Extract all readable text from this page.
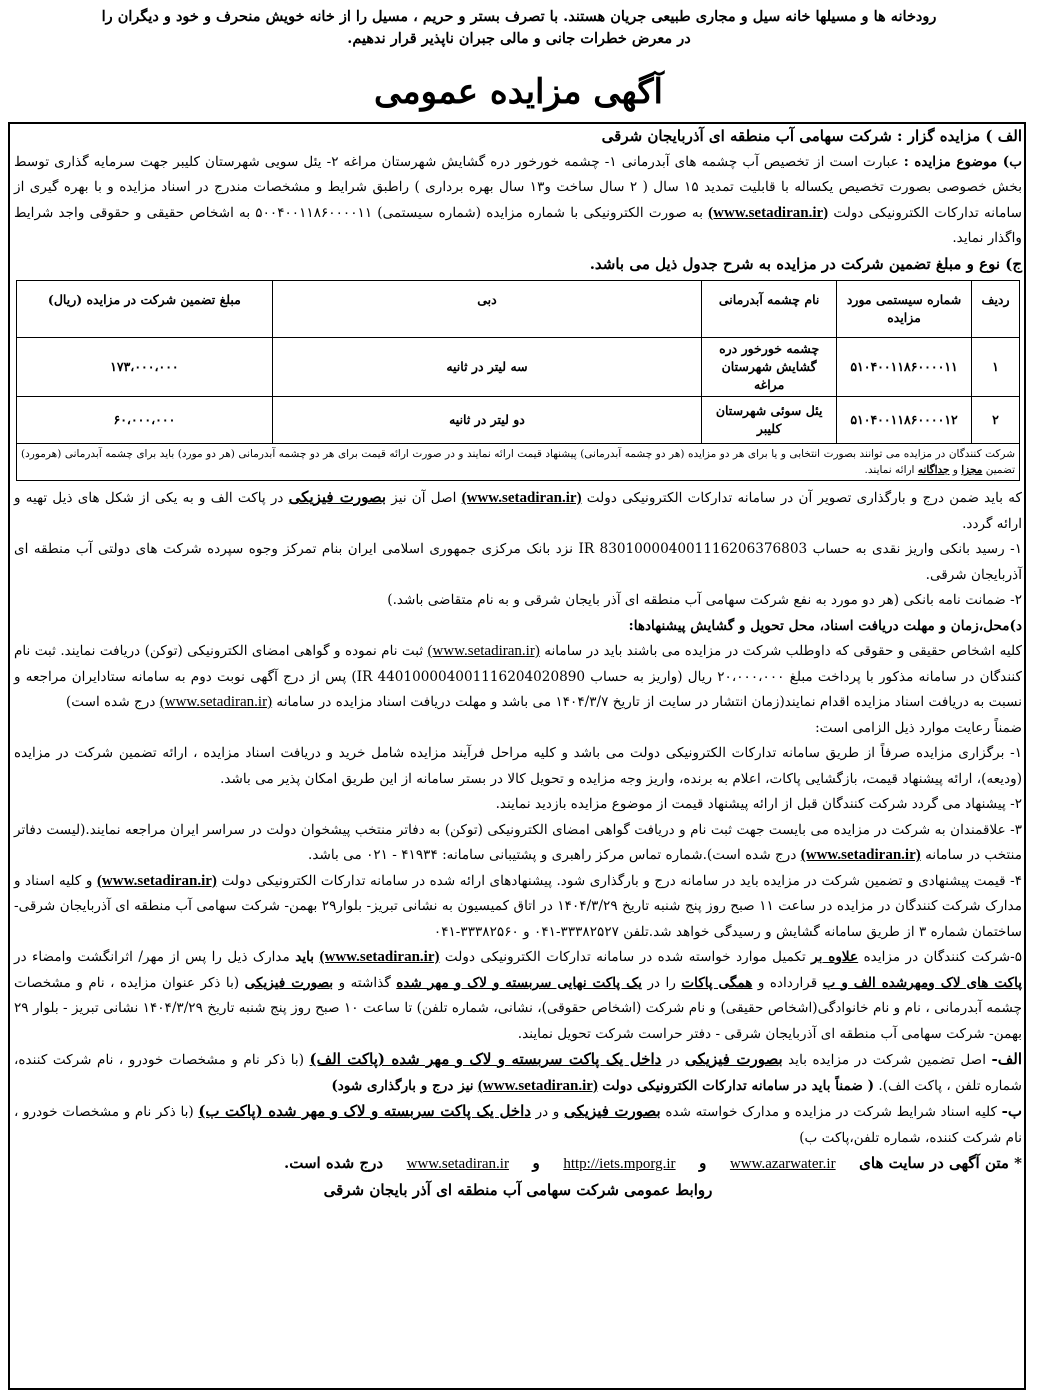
رودخانه ها و مسیلها خانه سیل و مجاری طبیعی جریان هستند. با تصرف بستر و حریم ، مسیل را از خانه خویش منحرف و خود و دیگران را
در معرض خطرات جانی و مالی جبران ناپذیر قرار ندهیم.
آگهی مزایده عمومی

الف ) مزایده گزار : شرکت سهامی آب منطقه ای آذربایجان شرقی

ب) موضوع مزایده : عبارت است از تخصیص آب چشمه های آبدرمانی ۱- چشمه خورخور دره گشایش شهرستان مراغه ۲- یئل سویی شهرستان کلیبر جهت سرمایه گذاری توسط بخش خصوصی بصورت تخصیص یکساله با قابلیت تمدید ۱۵ سال ( ۲ سال ساخت و۱۳ سال بهره برداری ) راطبق شرایط و مشخصات مندرج در اسناد مزایده و با بهره گیری از سامانه تدارکات الکترونیکی دولت (www.setadiran.ir) به صورت الکترونیکی با شماره مزایده (شماره سیستمی) ۵۰۰۴۰۰۱۱۸۶۰۰۰۰۱۱ به اشخاص حقیقی و حقوقی واجد شرایط واگذار نماید.

ج) نوع و مبلغ تضمین شرکت در مزایده به شرح جدول ذیل می باشد.

ردیف	شماره سیستمی مورد مزایده	نام چشمه آبدرمانی	دبی	مبلغ تضمین شرکت در مزایده (ریال)
۱	۵۱۰۴۰۰۱۱۸۶۰۰۰۰۱۱	چشمه خورخور دره گشایش شهرستان مراغه	سه لیتر در ثانیه	۱۷۳،۰۰۰،۰۰۰
۲	۵۱۰۴۰۰۱۱۸۶۰۰۰۰۱۲	یئل سوئی شهرستان کلیبر	دو لیتر در ثانیه	۶۰،۰۰۰،۰۰۰
شرکت کنندگان در مزایده می توانند بصورت انتخابی و یا برای هر دو مزایده (هر دو چشمه آبدرمانی) پیشنهاد قیمت ارائه نمایند و در صورت ارائه قیمت برای هر دو چشمه آبدرمانی (هر دو مورد) باید برای چشمه آبدرمانی (هرمورد) تضمین مجزا و جداگانه ارائه نمایند.				

که باید ضمن درج و بارگذاری تصویر آن در سامانه تدارکات الکترونیکی دولت (www.setadiran.ir) اصل آن نیز بصورت فیزیکی در پاکت الف و به یکی از شکل های ذیل تهیه و ارائه گردد.

۱- رسید بانکی واریز نقدی به حساب IR 830100004001116206376803 نزد بانک مرکزی جمهوری اسلامی ایران بنام تمرکز وجوه سپرده شرکت های دولتی آب منطقه ای آذربایجان شرقی.

۲- ضمانت نامه بانکی (هر دو مورد به نفع شرکت سهامی آب منطقه ای آذر بایجان شرقی و به نام متقاضی باشد.)

د)محل،زمان و مهلت دریافت اسناد، محل تحویل و گشایش پیشنهادها:

کلیه اشخاص حقیقی و حقوقی که داوطلب شرکت در مزایده می باشند باید در سامانه (www.setadiran.ir) ثبت نام نموده و گواهی امضای الکترونیکی (توکن) دریافت نمایند. ثبت نام کنندگان در سامانه مذکور با پرداخت مبلغ ۲۰،۰۰۰،۰۰۰ ریال (واریز به حساب IR 440100004001116204020890) پس از درج آگهی نوبت دوم به سامانه ستادایران مراجعه و نسبت به دریافت اسناد مزایده اقدام نمایند(زمان انتشار در سایت از تاریخ ۱۴۰۴/۳/۷ می باشد و مهلت دریافت اسناد مزایده در سامانه (www.setadiran.ir) درج شده است)

ضمناً رعایت موارد ذیل الزامی است:

۱- برگزاری مزایده صرفاً از طریق سامانه تدارکات الکترونیکی دولت می باشد و کلیه مراحل فرآیند مزایده شامل خرید و دریافت اسناد مزایده ، ارائه تضمین شرکت در مزایده (ودیعه)، ارائه پیشنهاد قیمت، بازگشایی پاکات، اعلام به برنده، واریز وجه مزایده و تحویل کالا در بستر سامانه از این طریق امکان پذیر می باشد.

۲- پیشنهاد می گردد شرکت کنندگان قبل از ارائه پیشنهاد قیمت از موضوع مزایده بازدید نمایند.

۳- علاقمندان به شرکت در مزایده می بایست جهت ثبت نام و دریافت گواهی امضای الکترونیکی (توکن) به دفاتر منتخب پیشخوان دولت در سراسر ایران مراجعه نمایند.(لیست دفاتر منتخب در سامانه (www.setadiran.ir) درج شده است).شماره تماس مرکز راهبری و پشتیبانی سامانه: ۴۱۹۳۴ - ۰۲۱ می باشد.

۴- قیمت پیشنهادی و تضمین شرکت در مزایده باید در سامانه درج و بارگذاری شود. پیشنهادهای ارائه شده در سامانه تدارکات الکترونیکی دولت (www.setadiran.ir) و کلیه اسناد و مدارک شرکت کنندگان در مزایده در ساعت ۱۱ صبح روز پنج شنبه تاریخ ۱۴۰۴/۳/۲۹ در اتاق کمیسیون به نشانی تبریز- بلوار۲۹ بهمن- شرکت سهامی آب منطقه ای آذربایجان شرقی- ساختمان شماره ۳ از طریق سامانه گشایش و رسیدگی خواهد شد.تلفن ۳۳۳۸۲۵۲۷-۰۴۱ و ۳۳۳۸۲۵۶۰-۰۴۱

۵-شرکت کنندگان در مزایده علاوه بر تکمیل موارد خواسته شده در سامانه تدارکات الکترونیکی دولت (www.setadiran.ir) باید مدارک ذیل را پس از مهر/ اثرانگشت وامضاء در پاکت های لاک ومهرشده الف و ب قرارداده و همگی پاکات را در یک پاکت نهایی سربسته و لاک و مهر شده گذاشته و بصورت فیزیکی (با ذکر عنوان مزایده ، نام و مشخصات چشمه آبدرمانی ، نام و نام خانوادگی(اشخاص حقیقی) و نام شرکت (اشخاص حقوقی)، نشانی، شماره تلفن) تا ساعت ۱۰ صبح روز پنج شنبه تاریخ ۱۴۰۴/۳/۲۹ نشانی تبریز - بلوار ۲۹ بهمن- شرکت سهامی آب منطقه ای آذربایجان شرقی - دفتر حراست شرکت تحویل نمایند.

الف- اصل تضمین شرکت در مزایده باید بصورت فیزیکی در داخل یک پاکت سربسته و لاک و مهر شده (پاکت الف) (با ذکر نام و مشخصات خودرو ، نام شرکت کننده، شماره تلفن ، پاکت الف). ( ضمناً باید در سامانه تدارکات الکترونیکی دولت (www.setadiran.ir) نیز درج و بارگذاری شود)

ب- کلیه اسناد شرایط شرکت در مزایده و مدارک خواسته شده بصورت فیزیکی و در داخل یک پاکت سربسته و لاک و مهر شده (پاکت ب) (با ذکر نام و مشخصات خودرو ، نام شرکت کننده، شماره تلفن،پاکت ب)

* متن آگهی در سایت های  www.azarwater.ir  و  http://iets.mporg.ir  و  www.setadiran.ir  درج شده است.

روابط عمومی شرکت سهامی آب منطقه ای آذر بایجان شرقی
